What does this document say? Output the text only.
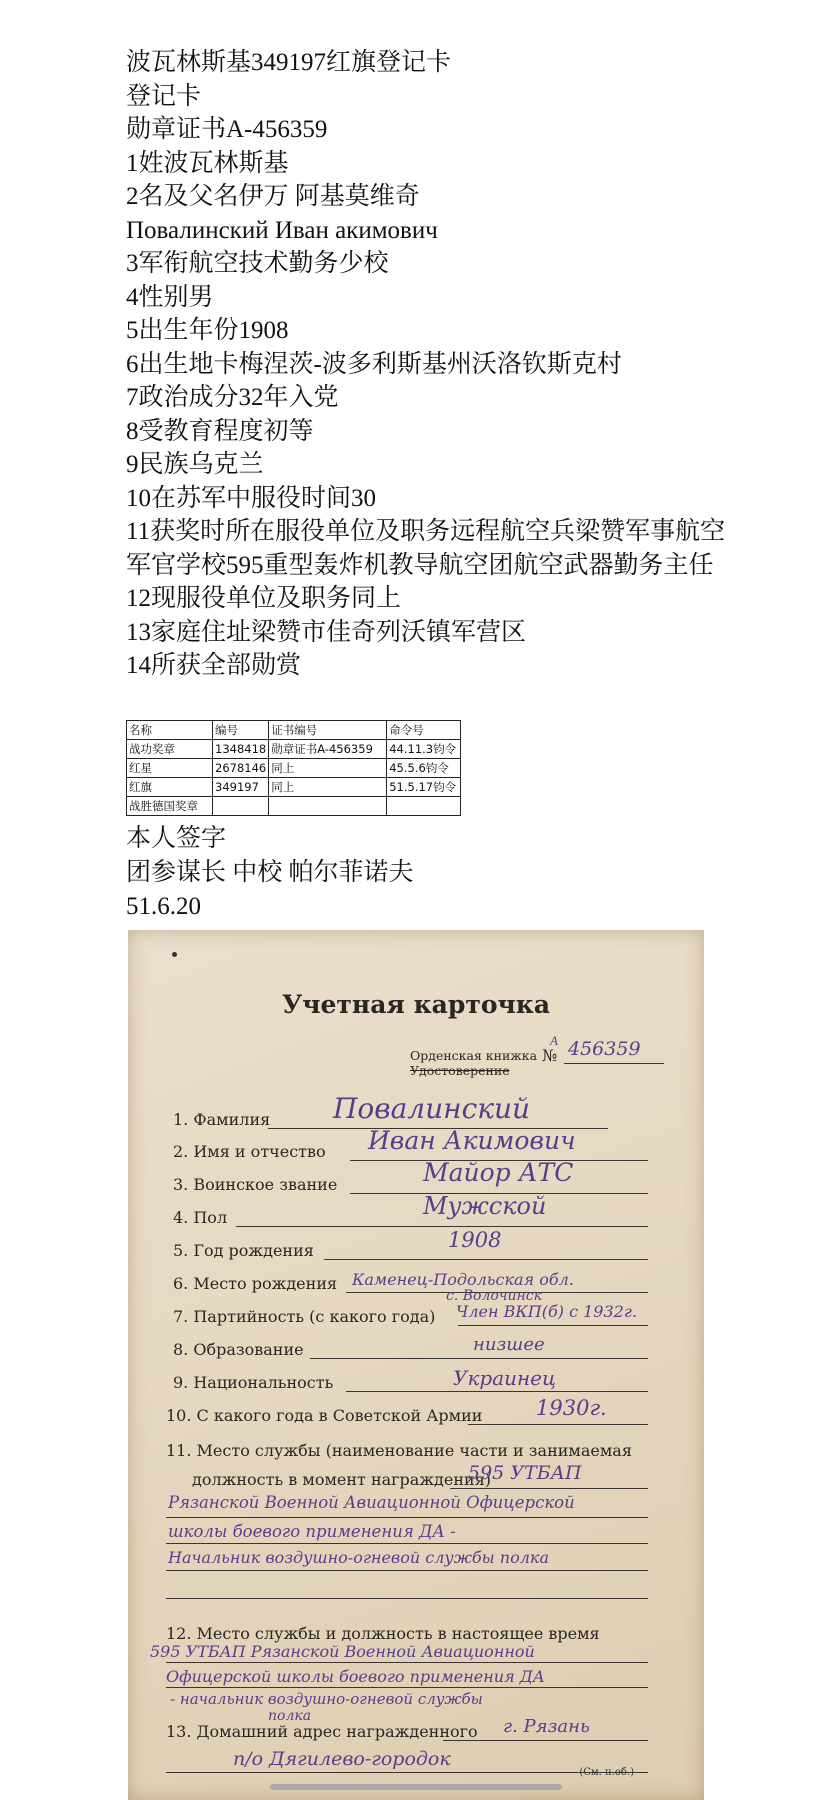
波瓦林斯基349197红旗登记卡
登记卡
勋章证书A-456359
1姓波瓦林斯基
2名及父名伊万 阿基莫维奇
Повалинский Иван акимович
3军衔航空技术勤务少校
4性别男
5出生年份1908
6出生地卡梅涅茨-波多利斯基州沃洛钦斯克村
7政治成分32年入党
8受教育程度初等
9民族乌克兰
10在苏军中服役时间30
11获奖时所在服役单位及职务远程航空兵梁赞军事航空军官学校595重型轰炸机教导航空团航空武器勤务主任
12现服役单位及职务同上
13家庭住址梁赞市佳奇列沃镇军营区
14所获全部勋赏
名称	编号	证书编号	命令号
战功奖章	1348418	勋章证书A-456359	44.11.3钧令
红星	2678146	同上	45.5.6钧令
红旗	349197	同上	51.5.17钧令
战胜德国奖章			
本人签字
团参谋长 中校 帕尔菲诺夫
51.6.20
Учетная карточка
Орденская книжка
Удостоверение
А
№ 456359
1. Фамилия Повалинский
2. Имя и отчество Иван Акимович
3. Воинское звание	Майор АТС
4. Пол	Мужской
5. Год рождения	1908
6. Место рождения Каменец-Подольская обл.
с. Волочинск
7. Партийность (с какого года) Член ВКП(б) с 1932г.
8. Образование	низшее
9. Национальность	Украинец
10. С какого года в Советской Армии	1930г.
11. Место службы (наименование части и занимаемая
должность в момент награждения)
595 УТБАП
Рязанской Военной Авиационной Офицерской
школы боевого применения ДА -
Начальник воздушно-огневой службы полка
12. Место службы и должность в настоящее время
595 УТБАП Рязанской Военной Авиационной
Офицерской школы боевого применения ДА
- начальник воздушно-огневой службы
полка
13. Домашний адрес награжденного г. Рязань
п/о Дягилево-городок
(См. н.об.)
